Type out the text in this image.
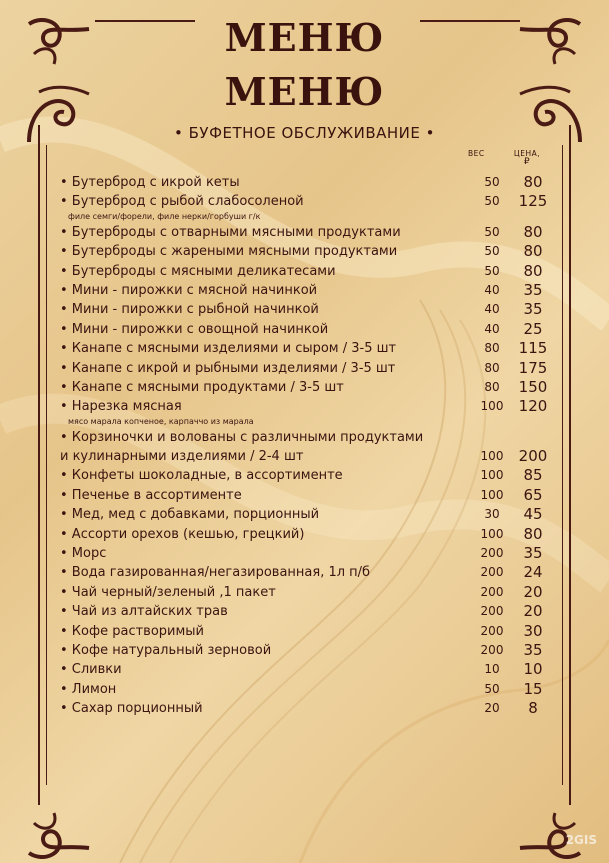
МЕНЮ
МЕНЮ
• БУФЕТНОЕ ОБСЛУЖИВАНИЕ •
ВЕС	ЦЕНА,
₽
• Бутерброд с икрой кеты	50	80
• Бутерброд с рыбой слабосоленой	50	125
филе семги/форели, филе нерки/горбуши г/к
• Бутерброды с отварными мясными продуктами	50	80
• Бутерброды с жареными мясными продуктами	50	80
• Бутерброды с мясными деликатесами	50	80
• Мини - пирожки с мясной начинкой	40	35
• Мини - пирожки с рыбной начинкой	40	35
• Мини - пирожки с овощной начинкой	40	25
• Канапе с мясными изделиями и сыром / 3-5 шт	80	115
• Канапе с икрой и рыбными изделиями / 3-5 шт	80	175
• Канапе с мясными продуктами / 3-5 шт	80	150
• Нарезка мясная	100	120
мясо марала копченое, карпаччо из марала
• Корзиночки и волованы с различными продуктами
и кулинарными изделиями / 2-4 шт	100	200
• Конфеты шоколадные, в ассортименте	100	85
• Печенье в ассортименте	100	65
• Мед, мед с добавками, порционный	30	45
• Ассорти орехов (кешью, грецкий)	100	80
• Морс	200	35
• Вода газированная/негазированная, 1л п/б	200	24
• Чай черный/зеленый ,1 пакет	200	20
• Чай из алтайских трав	200	20
• Кофе растворимый	200	30
• Кофе натуральный зерновой	200	35
• Сливки	10	10
• Лимон	50	15
• Сахар порционный	20	8
2GIS
